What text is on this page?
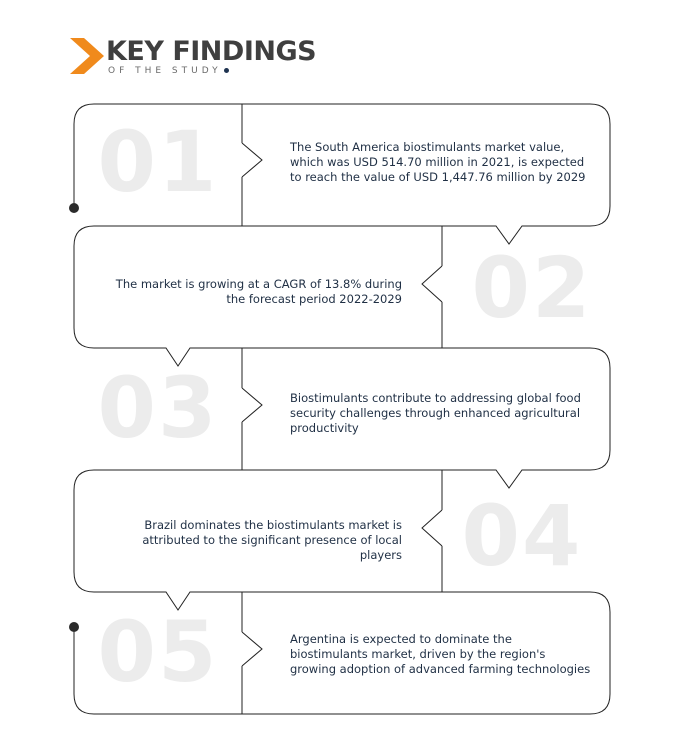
KEY FINDINGS
OF THE STUDY
01
02
03
04
05
The South America biostimulants market value, which was USD 514.70 million in 2021, is expected to reach the value of USD 1,447.76 million by 2029
The market is growing at a CAGR of 13.8% during the forecast period 2022-2029
Biostimulants contribute to addressing global food security challenges through enhanced agricultural productivity
Brazil dominates the biostimulants market is attributed to the significant presence of local players
Argentina is expected to dominate the biostimulants market, driven by the region's growing adoption of advanced farming technologies
